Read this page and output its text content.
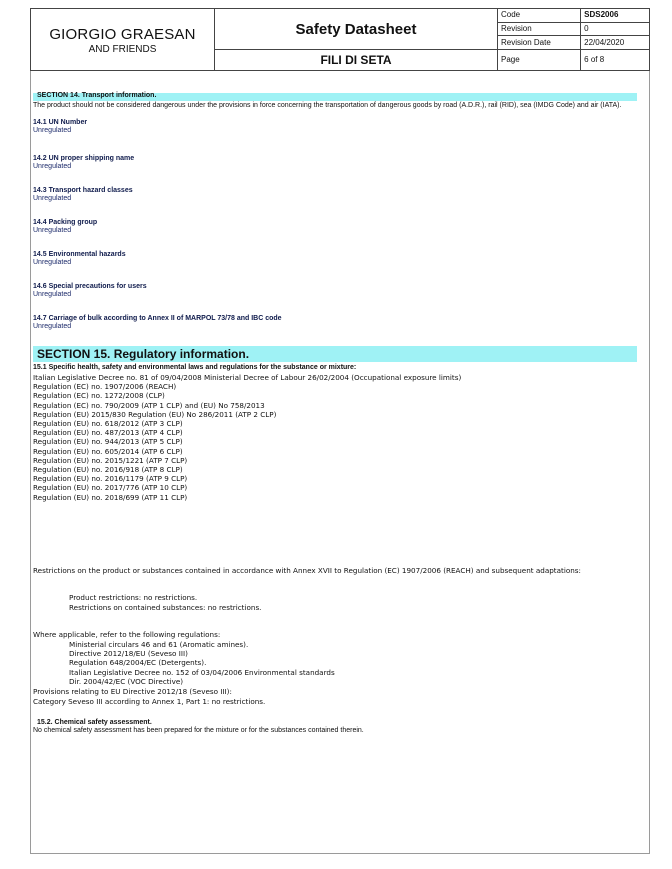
GIORGIO GRAESAN
AND FRIENDS	Safety Datasheet	Code	SDS2006
		Revision	0
		Revision Date	22/04/2020
	FILI DI SETA	Page	6 of 8
SECTION 14. Transport information.
The product should not be considered dangerous under the provisions in force concerning the transportation of dangerous goods by road (A.D.R.), rail (RID), sea (IMDG Code) and air (IATA).
14.1 UN Number
Unregulated
14.2 UN proper shipping name
Unregulated
14.3 Transport hazard classes
Unregulated
14.4 Packing group
Unregulated
14.5 Environmental hazards
Unregulated
14.6 Special precautions for users
Unregulated
14.7 Carriage of bulk according to Annex II of MARPOL 73/78 and IBC code
Unregulated
SECTION 15. Regulatory information.
15.1 Specific health, safety and environmental laws and regulations for the substance or mixture:
Italian Legislative Decree no. 81 of 09/04/2008 Ministerial Decree of Labour 26/02/2004 (Occupational exposure limits)
Regulation (EC) no. 1907/2006 (REACH)
Regulation (EC) no. 1272/2008 (CLP)
Regulation (EC) no. 790/2009 (ATP 1 CLP) and (EU) No 758/2013
Regulation (EU) 2015/830 Regulation (EU) No 286/2011 (ATP 2 CLP)
Regulation (EU) no. 618/2012 (ATP 3 CLP)
Regulation (EU) no. 487/2013 (ATP 4 CLP)
Regulation (EU) no. 944/2013 (ATP 5 CLP)
Regulation (EU) no. 605/2014 (ATP 6 CLP)
Regulation (EU) no. 2015/1221 (ATP 7 CLP)
Regulation (EU) no. 2016/918 (ATP 8 CLP)
Regulation (EU) no. 2016/1179 (ATP 9 CLP)
Regulation (EU) no. 2017/776 (ATP 10 CLP)
Regulation (EU) no. 2018/699 (ATP 11 CLP)
Restrictions on the product or substances contained in accordance with Annex XVII to Regulation (EC) 1907/2006 (REACH) and subsequent adaptations:
Product restrictions: no restrictions.
Restrictions on contained substances: no restrictions.
Where applicable, refer to the following regulations:
Ministerial circulars 46 and 61 (Aromatic amines).
Directive 2012/18/EU (Seveso III)
Regulation 648/2004/EC (Detergents).
Italian Legislative Decree no. 152 of 03/04/2006 Environmental standards
Dir. 2004/42/EC (VOC Directive)
Provisions relating to EU Directive 2012/18 (Seveso III):
Category Seveso III according to Annex 1, Part 1: no restrictions.
15.2. Chemical safety assessment.
No chemical safety assessment has been prepared for the mixture or for the substances contained therein.
